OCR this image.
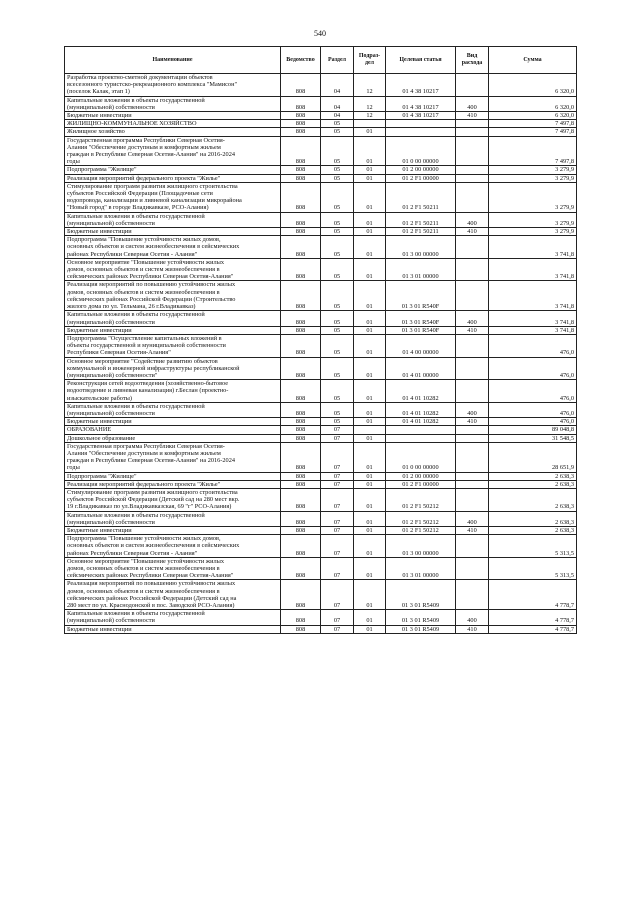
540
Наименование	Ведомство	Раздел	Подраз-
дел	Целевая статья	Вид
расхода	Сумма
Разработка проектно-сметной документации объектов
всесезонного туристско-рекреационного комплекса "Мамисон"
(поселок Калак, этап 1)	808	04	12	01 4 38 10217		6 320,0
Капитальные вложения в объекты государственной
(муниципальной) собственности	808	04	12	01 4 38 10217	400	6 320,0
Бюджетные инвестиции	808	04	12	01 4 38 10217	410	6 320,0
ЖИЛИЩНО-КОММУНАЛЬНОЕ ХОЗЯЙСТВО	808	05				7 497,8
Жилищное хозяйство	808	05	01			7 497,8
Государственная программа Республики Северная Осетия-
Алания "Обеспечение доступным и комфортным жильем
граждан в Республике Северная Осетия-Алания" на 2016-2024
годы	808	05	01	01 0 00 00000		7 497,8
Подпрограмма "Жилище"	808	05	01	01 2 00 00000		3 279,9
Реализация мероприятий федерального проекта "Жилье"	808	05	01	01 2 F1 00000		3 279,9
Стимулирование программ развития жилищного строительства
субъектов Российской Федерации (Площадочные сети
водопровода, канализации и ливневой канализации микрорайона
"Новый город" в городе Владикавказе, РСО-Алания)	808	05	01	01 2 F1 50211		3 279,9
Капитальные вложения в объекты государственной
(муниципальной) собственности	808	05	01	01 2 F1 50211	400	3 279,9
Бюджетные инвестиции	808	05	01	01 2 F1 50211	410	3 279,9
Подпрограмма "Повышение устойчивости жилых домов,
основных объектов и систем жизнеобеспечения в сейсмических
районах Республики Северная Осетия - Алания"	808	05	01	01 3 00 00000		3 741,8
Основное мероприятие "Повышение устойчивости жилых
домов, основных объектов и систем жизнеобеспечения в
сейсмических районах Республики Северная Осетия-Алания"	808	05	01	01 3 01 00000		3 741,8
Реализация мероприятий по повышению устойчивости жилых
домов, основных объектов и систем жизнеобеспечения в
сейсмических районах Российской Федерации (Строительство
жилого дома по ул. Тельмана, 26 г.Владикавказ)	808	05	01	01 3 01 R540F		3 741,8
Капитальные вложения в объекты государственной
(муниципальной) собственности	808	05	01	01 3 01 R540F	400	3 741,8
Бюджетные инвестиции	808	05	01	01 3 01 R540F	410	3 741,8
Подпрограмма "Осуществление капитальных вложений в
объекты государственной и муниципальной собственности
Республики Северная Осетия-Алания"	808	05	01	01 4 00 00000		476,0
Основное мероприятие "Содействие развитию объектов
коммунальной и инженерной инфраструктуры республиканской
(муниципальной) собственности"	808	05	01	01 4 01 00000		476,0
Реконструкция сетей водоотведения (хозяйственно-бытовое
водоотведение и ливневая канализация) г.Беслан (проектно-
изыскательские работы)	808	05	01	01 4 01 10282		476,0
Капитальные вложения в объекты государственной
(муниципальной) собственности	808	05	01	01 4 01 10282	400	476,0
Бюджетные инвестиции	808	05	01	01 4 01 10282	410	476,0
ОБРАЗОВАНИЕ	808	07				89 048,8
Дошкольное образование	808	07	01			31 548,5
Государственная программа Республики Северная Осетия-
Алания "Обеспечение доступным и комфортным жильем
граждан в Республике Северная Осетия-Алания" на 2016-2024
годы	808	07	01	01 0 00 00000		28 651,9
Подпрограмма "Жилище"	808	07	01	01 2 00 00000		2 638,3
Реализация мероприятий федерального проекта "Жилье"	808	07	01	01 2 F1 00000		2 638,3
Стимулирование программ развития жилищного строительства
субъектов Российской Федерации (Детский сад на 280 мест вкр.
19 г.Владикавказ по ул.Владикавказская, 69 "г" РСО-Алания)	808	07	01	01 2 F1 50212		2 638,3
Капитальные вложения в объекты государственной
(муниципальной) собственности	808	07	01	01 2 F1 50212	400	2 638,3
Бюджетные инвестиции	808	07	01	01 2 F1 50212	410	2 638,3
Подпрограмма "Повышение устойчивости жилых домов,
основных объектов и систем жизнеобеспечения в сейсмических
районах Республики Северная Осетия - Алания"	808	07	01	01 3 00 00000		5 313,5
Основное мероприятие "Повышение устойчивости жилых
домов, основных объектов и систем жизнеобеспечения в
сейсмических районах Республики Северная Осетия-Алания"	808	07	01	01 3 01 00000		5 313,5
Реализация мероприятий по повышению устойчивости жилых
домов, основных объектов и систем жизнеобеспечения в
сейсмических районах Российской Федерации (Детский сад на
280 мест по ул. Краснодонской в пос. Заводской РСО-Алания)	808	07	01	01 3 01 R5409		4 778,7
Капитальные вложения в объекты государственной
(муниципальной) собственности	808	07	01	01 3 01 R5409	400	4 778,7
Бюджетные инвестиции	808	07	01	01 3 01 R5409	410	4 778,7
